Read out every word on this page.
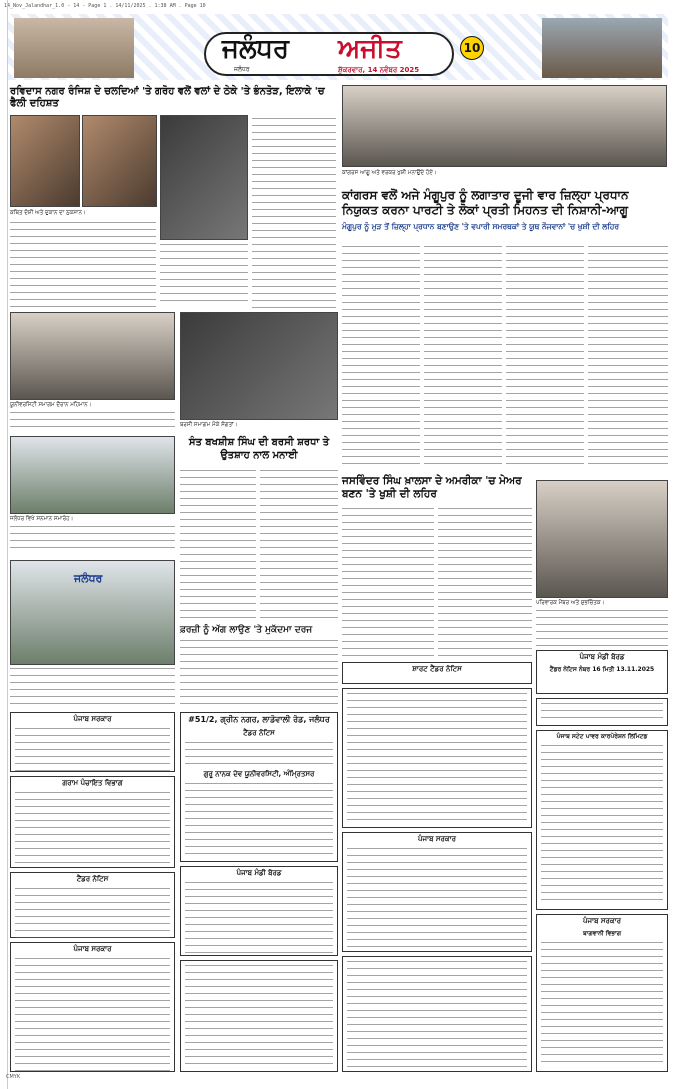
14_Nov_Jalandhar_1.0 - 14 - Page 1 . 14/11/2025 . 1:38 AM . Page 10
ਜਲੰਧਰ ਅਜੀਤ
ਜਲੰਧਰ	ਸ਼ੁੱਕਰਵਾਰ, 14 ਨਵੰਬਰ 2025
10
ਰਵਿਦਾਸ ਨਗਰ ਰੰਜਿਸ਼ ਦੇ ਚਲਦਿਆਂ 'ਤੇ ਗਰੋਹ ਵਲੋਂ ਵਲਾਂ ਦੇ ਠੇਕੇ 'ਤੇ ਭੰਨਤੋੜ, ਇਲਾਕੇ 'ਚ ਫੈਲੀ ਦਹਿਸ਼ਤ
ਕਥਿਤ ਦੋਸ਼ੀ ਅਤੇ ਦੁਕਾਨ ਦਾ ਨੁਕਸਾਨ।
ਕਾਂਗਰਸ ਆਗੂ ਅਤੇ ਵਰਕਰ ਖੁਸ਼ੀ ਮਨਾਉਂਦੇ ਹੋਏ।
ਕਾਂਗਰਸ ਵਲੋਂ ਅਜੇ ਮੰਗੂਪੁਰ ਨੂੰ ਲਗਾਤਾਰ ਦੂਜੀ ਵਾਰ ਜ਼ਿਲ੍ਹਾ ਪ੍ਰਧਾਨ ਨਿਯੁਕਤ ਕਰਨਾ ਪਾਰਟੀ ਤੇ ਲੋਕਾਂ ਪ੍ਰਤੀ ਮਿਹਨਤ ਦੀ ਨਿਸ਼ਾਨੀ-ਆਗੂ
ਮੰਗੂਪੁਰ ਨੂੰ ਮੁੜ ਤੋਂ ਜ਼ਿਲ੍ਹਾ ਪ੍ਰਧਾਨ ਬਣਾਉਣ 'ਤੇ ਵਪਾਰੀ ਸਮਰਥਕਾਂ ਤੇ ਯੂਥ ਨੌਜਵਾਨਾਂ 'ਚ ਖੁਸ਼ੀ ਦੀ ਲਹਿਰ
ਯੂਨੀਵਰਸਿਟੀ ਸਮਾਗਮ ਦੌਰਾਨ ਮਹਿਮਾਨ।
ਬਰਸੀ ਸਮਾਗਮ ਮੌਕੇ ਸੰਗਤਾਂ।
ਜਲੰਧਰ ਵਿਖੇ ਸਨਮਾਨ ਸਮਾਰੋਹ।
ਸੰਤ ਬਖਸ਼ੀਸ਼ ਸਿੰਘ ਦੀ ਬਰਸੀ ਸ਼ਰਧਾ ਤੇ ਉਤਸ਼ਾਹ ਨਾਲ ਮਨਾਈ
ਜਲੰਧਰ
ਫ਼ਰਜ਼ੀ ਨੂੰ ਅੱਗ ਲਾਉਣ 'ਤੇ ਮੁਕੱਦਮਾ ਦਰਜ
ਜਸਵਿੰਦਰ ਸਿੰਘ ਖ਼ਾਲਸਾ ਦੇ ਅਮਰੀਕਾ 'ਚ ਮੇਅਰ ਬਣਨ 'ਤੇ ਖੁਸ਼ੀ ਦੀ ਲਹਿਰ
ਪਰਿਵਾਰਕ ਮੈਂਬਰ ਅਤੇ ਸ਼ੁਭਚਿੰਤਕ।
ਪੰਜਾਬ ਸਰਕਾਰ
ਗਰਾਮ ਪੰਚਾਇਤ ਵਿਭਾਗ
ਟੈਂਡਰ ਨੋਟਿਸ
ਪੰਜਾਬ ਸਰਕਾਰ
#51/2, ਗ੍ਰੀਨ ਨਗਰ, ਲਾਡੋਵਾਲੀ ਰੋਡ, ਜਲੰਧਰ
ਟੈਂਡਰ ਨੋਟਿਸ
ਗੁਰੂ ਨਾਨਕ ਦੇਵ ਯੂਨੀਵਰਸਿਟੀ, ਅੰਮ੍ਰਿਤਸਰ
ਪੰਜਾਬ ਮੰਡੀ ਬੋਰਡ
ਸ਼ਾਰਟ ਟੈਂਡਰ ਨੋਟਿਸ
ਪੰਜਾਬ ਸਰਕਾਰ
ਪੰਜਾਬ ਮੰਡੀ ਬੋਰਡ
ਟੈਂਡਰ ਨੋਟਿਸ ਨੰਬਰ 16 ਮਿਤੀ 13.11.2025
ਪੰਜਾਬ ਸਟੇਟ ਪਾਵਰ ਕਾਰਪੋਰੇਸ਼ਨ ਲਿਮਿਟਡ
ਪੰਜਾਬ ਸਰਕਾਰ
ਬਾਗਵਾਨੀ ਵਿਭਾਗ
CMYK
